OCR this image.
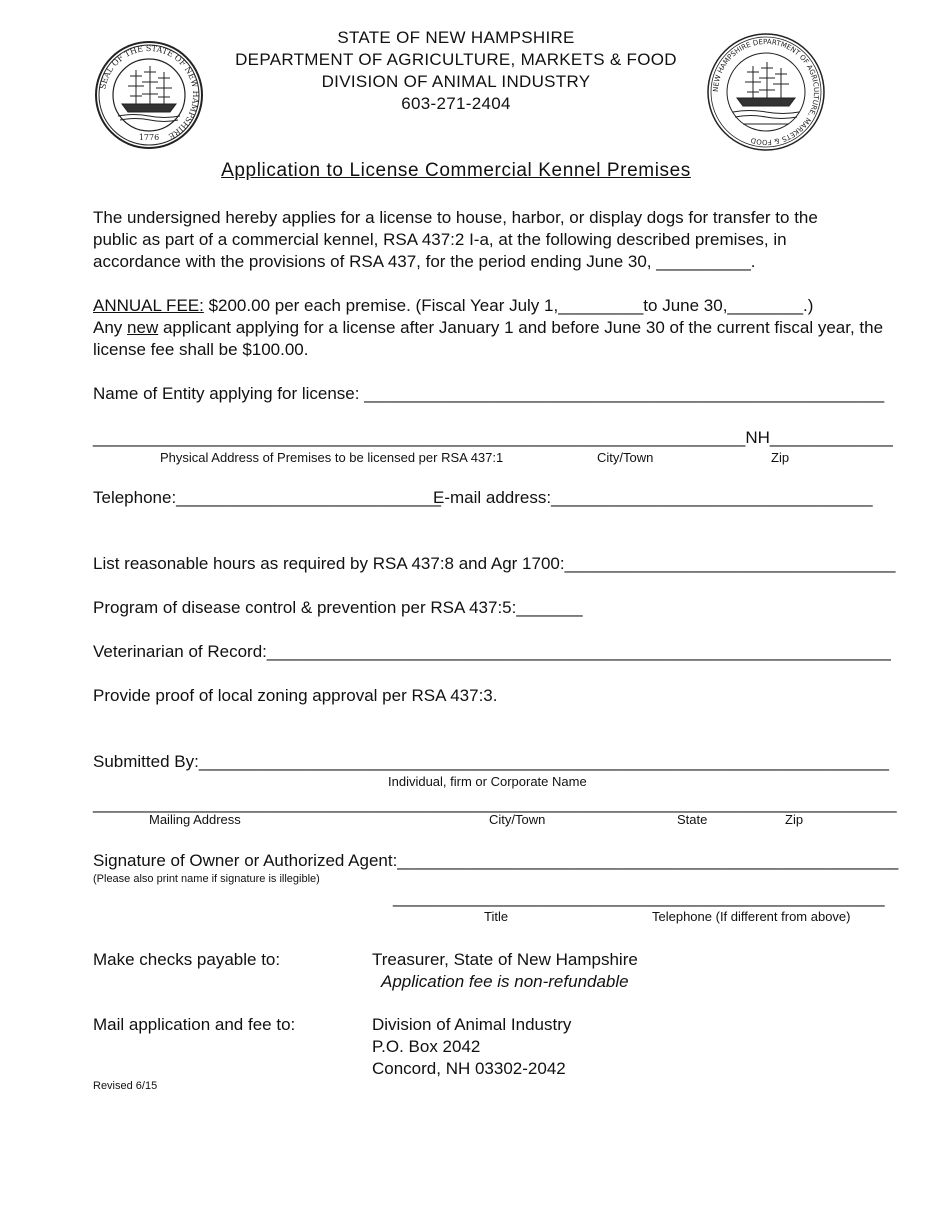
STATE OF NEW HAMPSHIRE
DEPARTMENT OF AGRICULTURE, MARKETS & FOOD
DIVISION OF ANIMAL INDUSTRY
603-271-2404
SEAL OF THE STATE OF NEW HAMPSHIRE
1776
NEW HAMPSHIRE DEPARTMENT OF AGRICULTURE, MARKETS & FOOD
Application to License Commercial Kennel Premises
The undersigned hereby applies for a license to house, harbor, or display dogs for transfer to the public as part of a commercial kennel, RSA 437:2 I-a, at the following described premises, in accordance with the provisions of RSA 437, for the period ending June 30, __________.
ANNUAL FEE: $200.00 per each premise. (Fiscal Year July 1,_________to June 30,________.)
Any new applicant applying for a license after January 1 and before June 30 of the current fiscal year, the
license fee shall be $100.00.
Name of Entity applying for license: _______________________________________________________
_____________________________________________________________________NH_____________
Physical Address of Premises to be licensed per RSA 437:1	City/Town	Zip
Telephone:____________________________
E-mail address:__________________________________
List reasonable hours as required by RSA 437:8 and Agr 1700:___________________________________
Program of disease control & prevention per RSA 437:5:_______
Veterinarian of Record:__________________________________________________________________
Provide proof of local zoning approval per RSA 437:3.
Submitted By:_________________________________________________________________________
Individual, firm or Corporate Name
_____________________________________________________________________________________
Mailing Address	City/Town	State	Zip
Signature of Owner or Authorized Agent:_____________________________________________________
(Please also print name if signature is illegible)
____________________________________________________
Title	Telephone (If different from above)
Make checks payable to:	Treasurer, State of New Hampshire
Application fee is non-refundable
Mail application and fee to:	Division of Animal Industry
P.O. Box 2042
Concord, NH 03302-2042
Revised 6/15
